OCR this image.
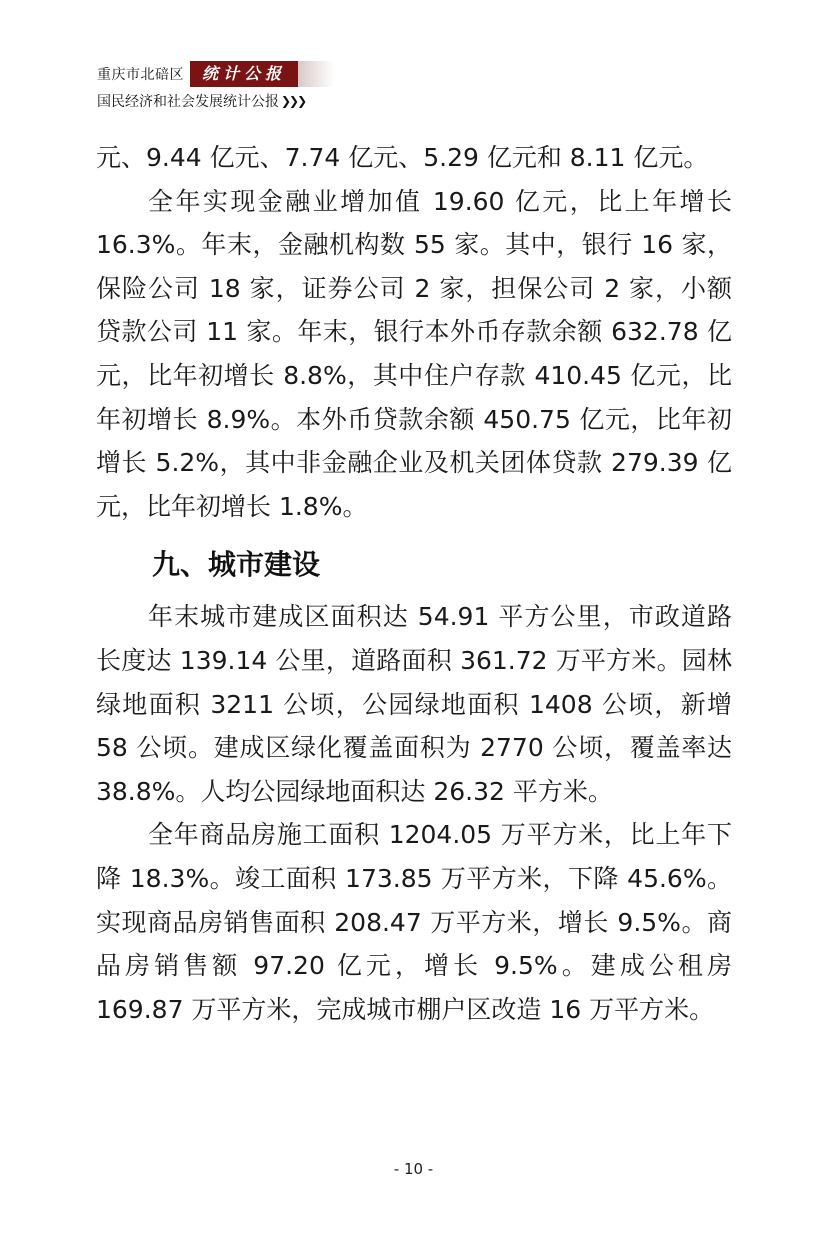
重庆市北碚区	统计公报
国民经济和社会发展统计公报 ❯❯❯

元、9.44 亿元、7.74 亿元、5.29 亿元和 8.11 亿元。

全年实现金融业增加值 19.60 亿元，比上年增长 16.3%。年末，金融机构数 55 家。其中，银行 16 家，保险公司 18 家，证券公司 2 家，担保公司 2 家，小额贷款公司 11 家。年末，银行本外币存款余额 632.78 亿元，比年初增长 8.8%，其中住户存款 410.45 亿元，比年初增长 8.9%。本外币贷款余额 450.75 亿元，比年初增长 5.2%，其中非金融企业及机关团体贷款 279.39 亿元，比年初增长 1.8%。

九、城市建设

年末城市建成区面积达 54.91 平方公里，市政道路长度达 139.14 公里，道路面积 361.72 万平方米。园林绿地面积 3211 公顷，公园绿地面积 1408 公顷，新增 58 公顷。建成区绿化覆盖面积为 2770 公顷，覆盖率达 38.8%。人均公园绿地面积达 26.32 平方米。

全年商品房施工面积 1204.05 万平方米，比上年下降 18.3%。竣工面积 173.85 万平方米，下降 45.6%。实现商品房销售面积 208.47 万平方米，增长 9.5%。商品房销售额 97.20 亿元，增长 9.5%。建成公租房 169.87 万平方米，完成城市棚户区改造 16 万平方米。

- 10 -
